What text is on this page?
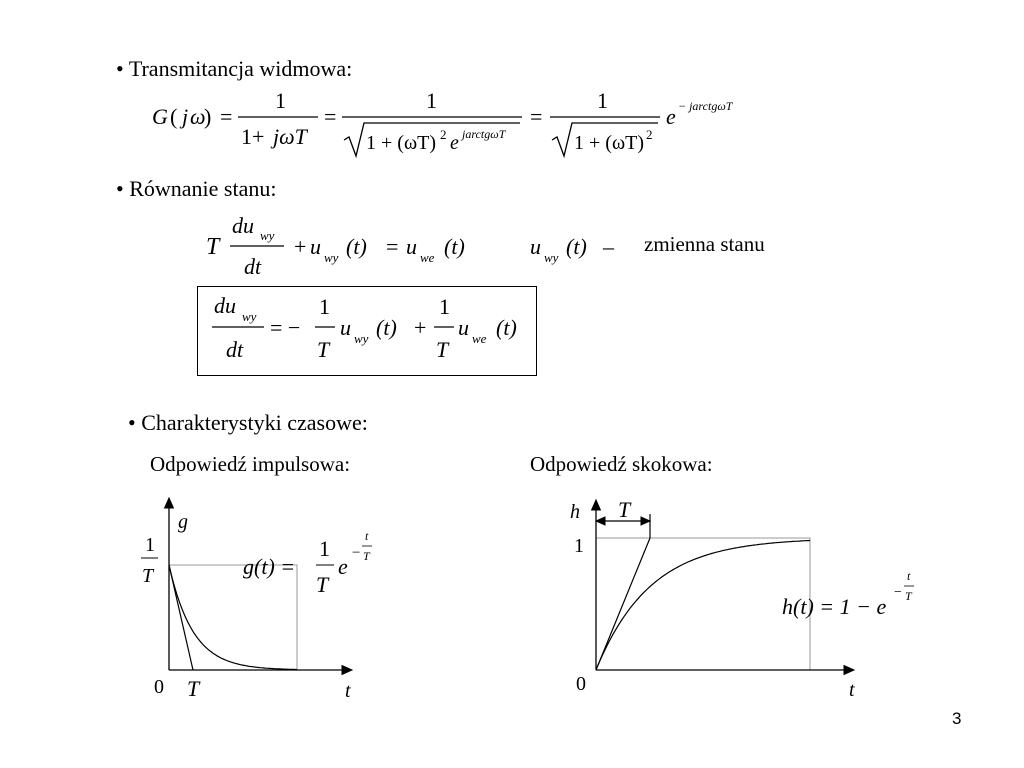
• Transmitancja widmowa:
G ( j ω
) =
1
1+ jωT
=
1
1 + (ωT) 2 e jarctgωT
=
1
1 + (ωT) 2
e − jarctgωT
• Równanie stanu:
T
du wy
dt
+ u wy (t) = u we (t)	u wy (t) – zmienna stanu
du wy
dt
= −
1
T
u wy (t) +
1
T
u we (t)
• Charakterystyki czasowe:
Odpowiedź impulsowa:	Odpowiedź skokowa:
g
t
0 T
1
T	g(t) =
1
T
e
−
t
T
h T
1
0	t
h(t) = 1 − e
−
t
T
3
